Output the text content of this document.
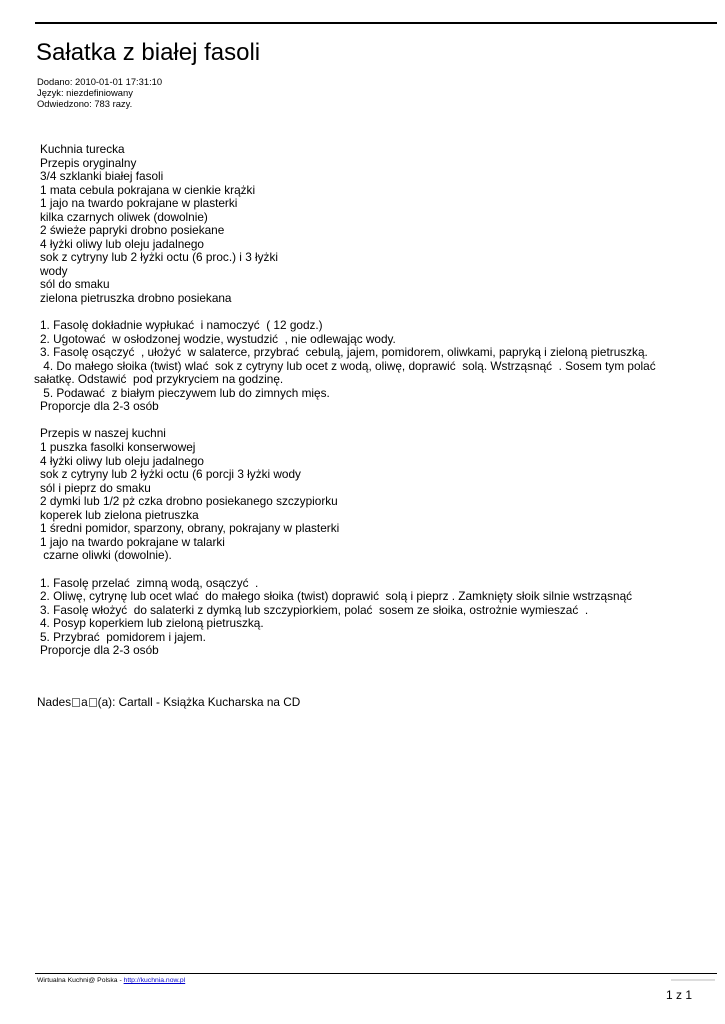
Sałatka z białej fasoli
Dodano: 2010-01-01 17:31:10
Język: niezdefiniowany
Odwiedzono: 783 razy.
Kuchnia turecka
Przepis oryginalny
3/4 szklanki białej fasoli
1 mata cebula pokrajana w cienkie krążki
1 jajo na twardo pokrajane w plasterki
kilka czarnych oliwek (dowolnie)
2 świeże papryki drobno posiekane
4 łyżki oliwy lub oleju jadalnego
sok z cytryny lub 2 łyżki octu (6 proc.) i 3 łyżki
wody
sól do smaku
zielona pietruszka drobno posiekana
1. Fasolę dokładnie wypłukać  i namoczyć  ( 12 godz.)
2. Ugotować  w osłodzonej wodzie, wystudzić  , nie odlewając wody.
3. Fasolę osączyć  , ułożyć  w salaterce, przybrać  cebulą, jajem, pomidorem, oliwkami, papryką i zieloną pietruszką.
4. Do małego słoika (twist) wlać  sok z cytryny lub ocet z wodą, oliwę, doprawić  solą. Wstrząsnąć  . Sosem tym polać
sałatkę. Odstawić  pod przykryciem na godzinę.
5. Podawać  z białym pieczywem lub do zimnych mięs.
Proporcje dla 2-3 osób
Przepis w naszej kuchni
1 puszka fasolki konserwowej
4 łyżki oliwy lub oleju jadalnego
sok z cytryny lub 2 łyżki octu (6 porcji 3 łyżki wody
sól i pieprz do smaku
2 dymki lub 1/2 pż czka drobno posiekanego szczypiorku
koperek lub zielona pietruszka
1 średni pomidor, sparzony, obrany, pokrajany w plasterki
1 jajo na twardo pokrajane w talarki
czarne oliwki (dowolnie).
1. Fasolę przelać  zimną wodą, osączyć  .
2. Oliwę, cytrynę lub ocet wlać  do małego słoika (twist) doprawić  solą i pieprz . Zamknięty słoik silnie wstrząsnąć
3. Fasolę włożyć  do salaterki z dymką lub szczypiorkiem, polać  sosem ze słoika, ostrożnie wymieszać  .
4. Posyp koperkiem lub zieloną pietruszką.
5. Przybrać  pomidorem i jajem.
Proporcje dla 2-3 osób
Nades a (a): Cartall - Książka Kucharska na CD
Wirtualna Kuchni@ Polska - http://kuchnia.now.pl
1 z 1
